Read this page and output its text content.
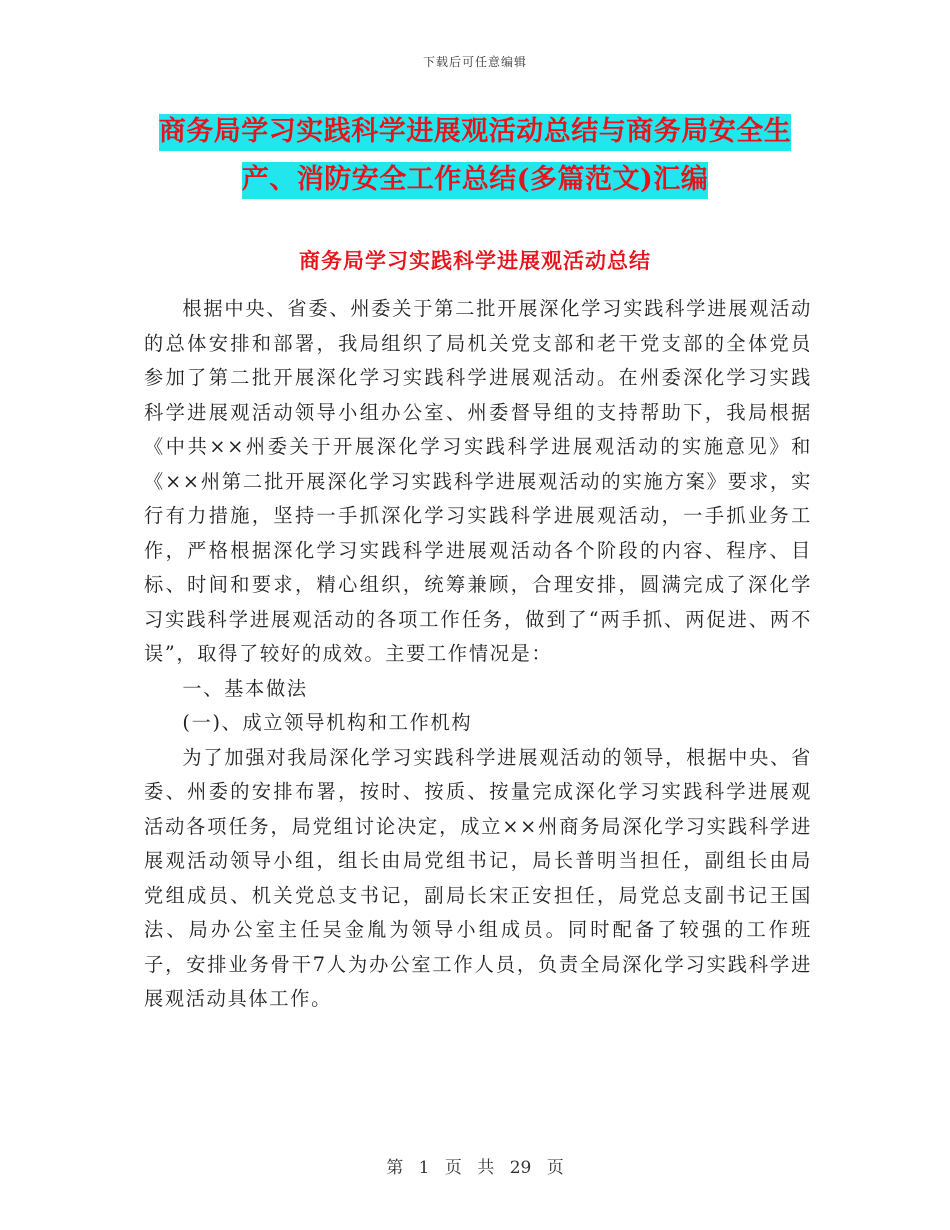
下载后可任意编辑
商务局学习实践科学进展观活动总结与商务局安全生
产、消防安全工作总结(多篇范文)汇编
商务局学习实践科学进展观活动总结

根据中央、省委、州委关于第二批开展深化学习实践科学进展观活动的总体安排和部署，我局组织了局机关党支部和老干党支部的全体党员参加了第二批开展深化学习实践科学进展观活动。在州委深化学习实践科学进展观活动领导小组办公室、州委督导组的支持帮助下，我局根据《中共××州委关于开展深化学习实践科学进展观活动的实施意见》和《××州第二批开展深化学习实践科学进展观活动的实施方案》要求，实行有力措施，坚持一手抓深化学习实践科学进展观活动，一手抓业务工作，严格根据深化学习实践科学进展观活动各个阶段的内容、程序、目标、时间和要求，精心组织，统筹兼顾，合理安排，圆满完成了深化学习实践科学进展观活动的各项工作任务，做到了“两手抓、两促进、两不误”，取得了较好的成效。主要工作情况是：

一、基本做法

(一)、成立领导机构和工作机构

为了加强对我局深化学习实践科学进展观活动的领导，根据中央、省委、州委的安排布署，按时、按质、按量完成深化学习实践科学进展观活动各项任务，局党组讨论决定，成立××州商务局深化学习实践科学进展观活动领导小组，组长由局党组书记，局长普明当担任，副组长由局党组成员、机关党总支书记，副局长宋正安担任，局党总支副书记王国法、局办公室主任吴金胤为领导小组成员。同时配备了较强的工作班子，安排业务骨干7人为办公室工作人员，负责全局深化学习实践科学进展观活动具体工作。

第 1 页 共 29 页
